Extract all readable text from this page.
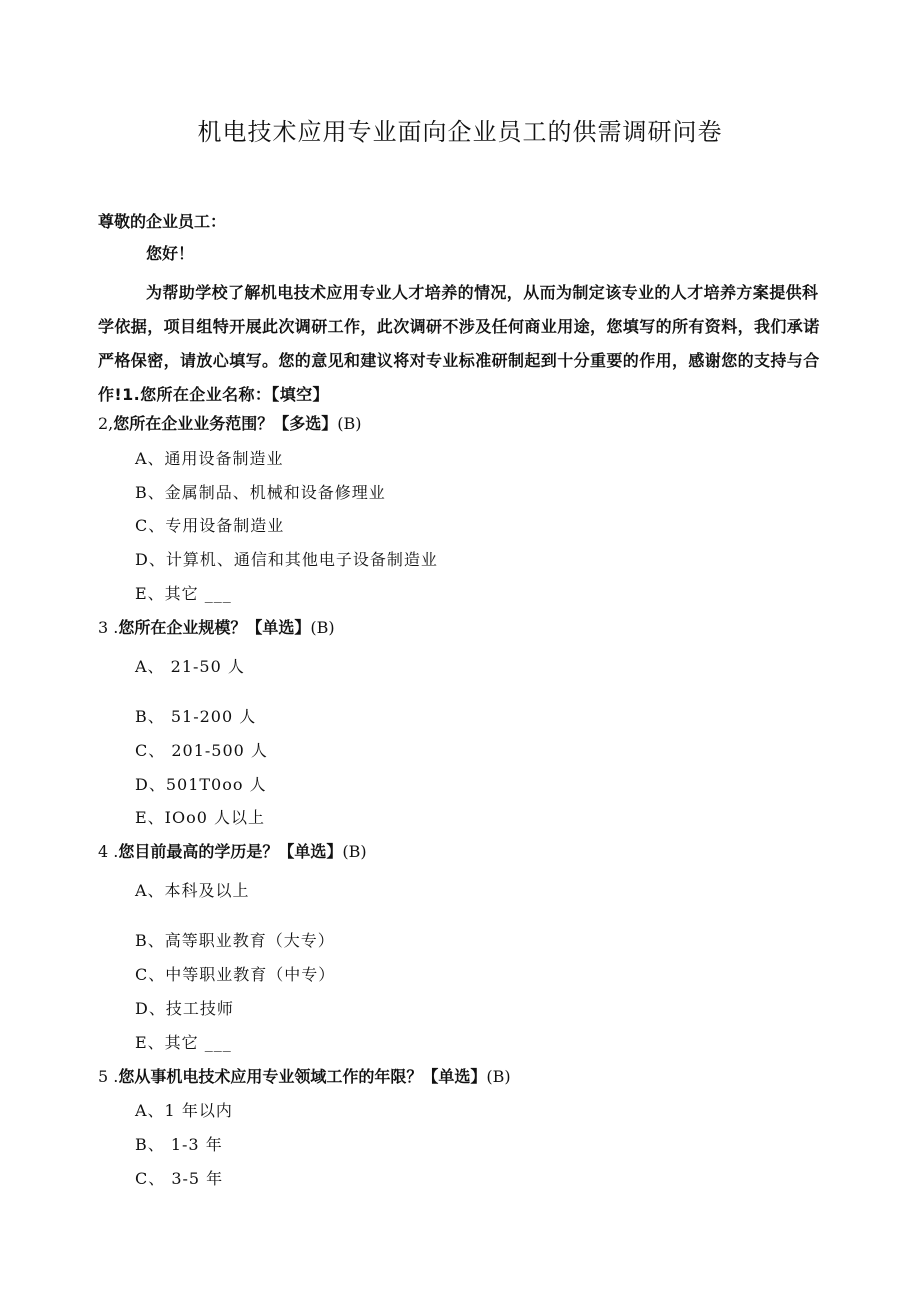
机电技术应用专业面向企业员工的供需调研问卷
尊敬的企业员工：
您好！
为帮助学校了解机电技术应用专业人才培养的情况，从而为制定该专业的人才培养方案提供科学依据，项目组特开展此次调研工作，此次调研不涉及任何商业用途，您填写的所有资料，我们承诺严格保密，请放心填写。您的意见和建议将对专业标准研制起到十分重要的作用，感谢您的支持与合作!1.您所在企业名称：【填空】
2,您所在企业业务范围？【多选】(B)
A、通用设备制造业
B、金属制品、机械和设备修理业
C、专用设备制造业
D、计算机、通信和其他电子设备制造业
E、其它 ___
3 .您所在企业规模？【单选】(B)
A、 21-50 人
B、 51-200 人
C、 201-500 人
D、501T0oo 人
E、IOo0 人以上
4 .您目前最高的学历是？【单选】(B)
A、本科及以上
B、高等职业教育（大专）
C、中等职业教育（中专）
D、技工技师
E、其它 ___
5 .您从事机电技术应用专业领域工作的年限？【单选】(B)
A、1 年以内
B、 1-3 年
C、 3-5 年
